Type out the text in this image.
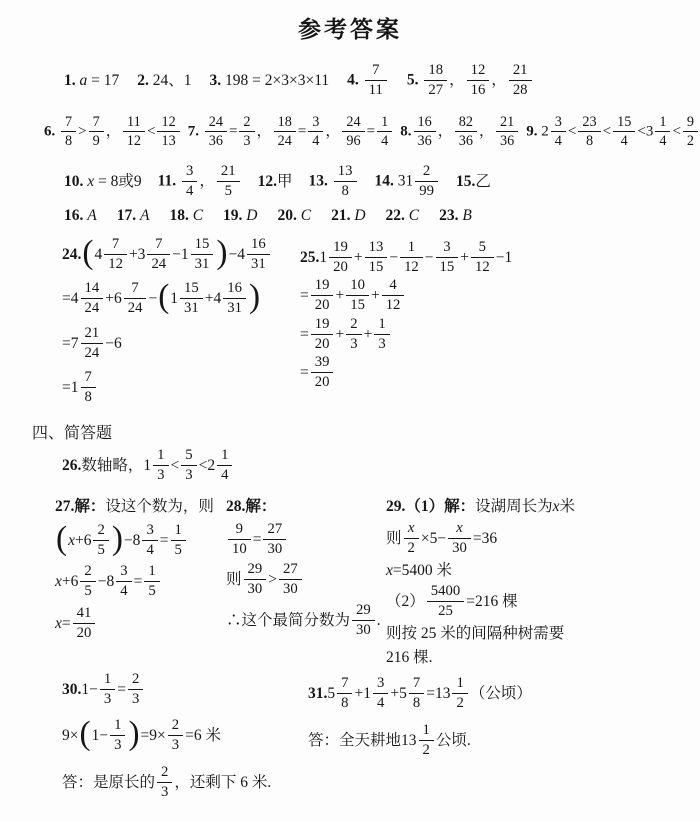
参考答案
1. a = 17 2. 24、1 3. 198 = 2×3×3×11 4. $\frac{7}{11} 5$. $\frac{18}{27}$ ， $\frac{12}{16}$ ， $\frac{21}{28}$
6. $\frac{7}{8} > \frac{7}{9}$ ， $\frac{11}{12} < \frac{12}{13} 7$. $\frac{24}{36} = \frac{2}{3}$ ， $\frac{18}{24} = \frac{3}{4}$ ， $\frac{24}{96} = \frac{1}{4} 8$. $\frac{16}{36}$ ， $\frac{82}{36}$ ， $\frac{21}{36} 9$. $2 \frac{3}{4} < \frac{23}{8} < \frac{15}{4} <3 \frac{1}{4} < \frac{9}{2}$
10. x = 8或9 11. $\frac{3}{4}$ ， $\frac{21}{5} 12$.甲 13. $\frac{13}{8} 14$. $31 \frac{2}{99} 15$.乙
16. A 17. A 18. C 19. D 20. C 21. D 22. C 23. B
24. ( $4 \frac{7}{12} +3 \frac{7}{24} -1 \frac{15}{31}$ ) $-4 \frac{16}{31}$
$=4 \frac{14}{24} +6 \frac{7}{24}$ − ( $1 \frac{15}{31} +4 \frac{16}{31}$ )
$=7 \frac{21}{24} -6$
$=1 \frac{7}{8}$
25. $1 \frac{19}{20} + \frac{13}{15} - \frac{1}{12} - \frac{3}{15} + \frac{5}{12} -1$
= $\frac{19}{20} + \frac{10}{15} + \frac{4}{12}$
= $\frac{19}{20} + \frac{2}{3} + \frac{1}{3}$
= $\frac{39}{20}$
四、简答题
26. 数轴略，$1 \frac{1}{3} < \frac{5}{3} <2 \frac{1}{4}$
27.解： 设这个数为，则
( $x +6 \frac{2}{5}$ ) $-8 \frac{3}{4} = \frac{1}{5}$
$x +6 \frac{2}{5} -8 \frac{3}{4} = \frac{1}{5}$
$x = \frac{41}{20}$
28.解：
$\frac{9}{10} = \frac{27}{30}$
则 $\frac{29}{30} > \frac{27}{30}$
∴这个最简分数为 $\frac{29}{30}$ .
29.（1）解： 设湖周长为 x 米
则 $\frac{x}{2} \times 5- \frac{x}{30} =36$
x =5400 米
$(2) \frac{5400}{25} =216$ 棵
则按 25 米的间隔种树需要
216 棵.
30. $1- \frac{1}{3} = \frac{2}{3}$
9× ( $1- \frac{1}{3}$ ) $=9\times \frac{2}{3} =6$ 米
答：是原长的 $\frac{2}{3}$ ，还剩下 6 米.
31. $5 \frac{7}{8} +1 \frac{3}{4} +5 \frac{7}{8} =13 \frac{1}{2}$ （公顷）
答：全天耕地$13 \frac{1}{2}$ 公顷.
